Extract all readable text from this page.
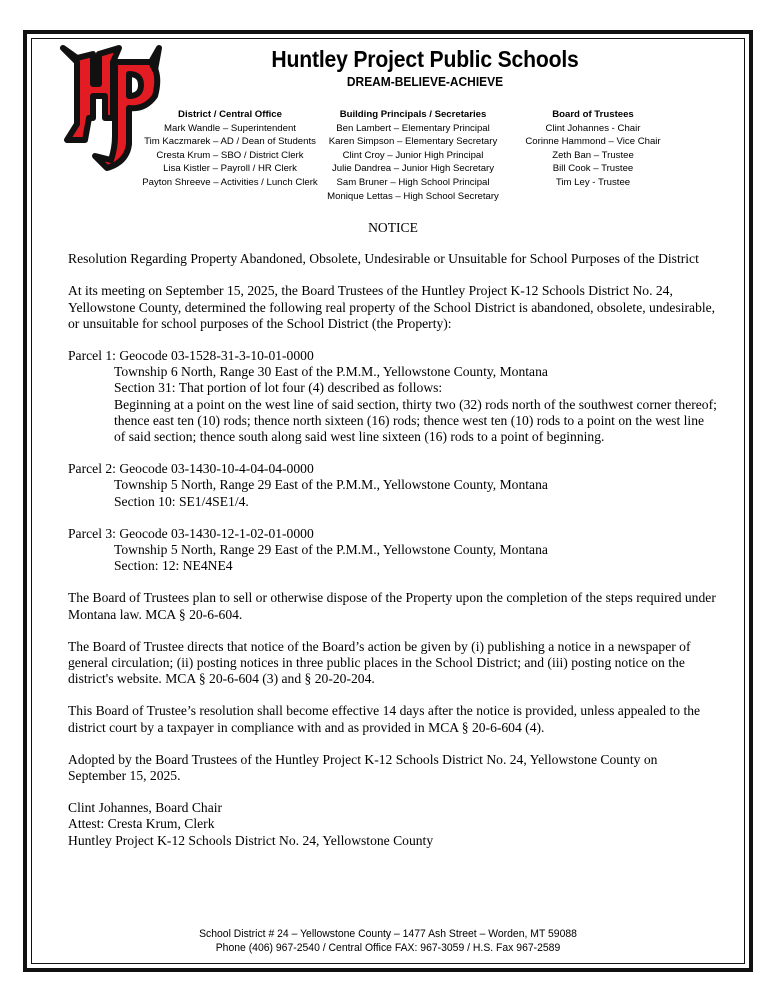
Huntley Project Public Schools
DREAM-BELIEVE-ACHIEVE
District / Central Office
Mark Wandle – Superintendent
Tim Kaczmarek – AD / Dean of Students
Cresta Krum – SBO / District Clerk
Lisa Kistler – Payroll / HR Clerk
Payton Shreeve – Activities / Lunch Clerk
Building Principals / Secretaries
Ben Lambert – Elementary Principal
Karen Simpson – Elementary Secretary
Clint Croy – Junior High Principal
Julie Dandrea – Junior High Secretary
Sam Bruner – High School Principal
Monique Lettas – High School Secretary
Board of Trustees
Clint Johannes - Chair
Corinne Hammond – Vice Chair
Zeth Ban – Trustee
Bill Cook – Trustee
Tim Ley - Trustee

NOTICE

Resolution Regarding Property Abandoned, Obsolete, Undesirable or Unsuitable for School Purposes of the District

At its meeting on September 15, 2025, the Board Trustees of the Huntley Project K-12 Schools District No. 24, Yellowstone County, determined the following real property of the School District is abandoned, obsolete, undesirable, or unsuitable for school purposes of the School District (the Property):

Parcel 1: Geocode 03-1528-31-3-10-01-0000

Township 6 North, Range 30 East of the P.M.M., Yellowstone County, Montana
Section 31: That portion of lot four (4) described as follows:
Beginning at a point on the west line of said section, thirty two (32) rods north of the southwest corner thereof; thence east ten (10) rods; thence north sixteen (16) rods; thence west ten (10) rods to a point on the west line of said section; thence south along said west line sixteen (16) rods to a point of beginning.

Parcel 2: Geocode 03-1430-10-4-04-04-0000

Township 5 North, Range 29 East of the P.M.M., Yellowstone County, Montana
Section 10: SE1/4SE1/4.

Parcel 3: Geocode 03-1430-12-1-02-01-0000

Township 5 North, Range 29 East of the P.M.M., Yellowstone County, Montana
Section: 12: NE4NE4

The Board of Trustees plan to sell or otherwise dispose of the Property upon the completion of the steps required under Montana law. MCA § 20-6-604.

The Board of Trustee directs that notice of the Board’s action be given by (i) publishing a notice in a newspaper of general circulation; (ii) posting notices in three public places in the School District; and (iii) posting notice on the district's website. MCA § 20-6-604 (3) and § 20-20-204.

This Board of Trustee’s resolution shall become effective 14 days after the notice is provided, unless appealed to the district court by a taxpayer in compliance with and as provided in MCA § 20-6-604 (4).

Adopted by the Board Trustees of the Huntley Project K-12 Schools District No. 24, Yellowstone County on September 15, 2025.

Clint Johannes, Board Chair
Attest: Cresta Krum, Clerk
Huntley Project K-12 Schools District No. 24, Yellowstone County

School District # 24 – Yellowstone County – 1477 Ash Street – Worden, MT 59088
Phone (406) 967-2540 / Central Office FAX: 967-3059 / H.S. Fax 967-2589
